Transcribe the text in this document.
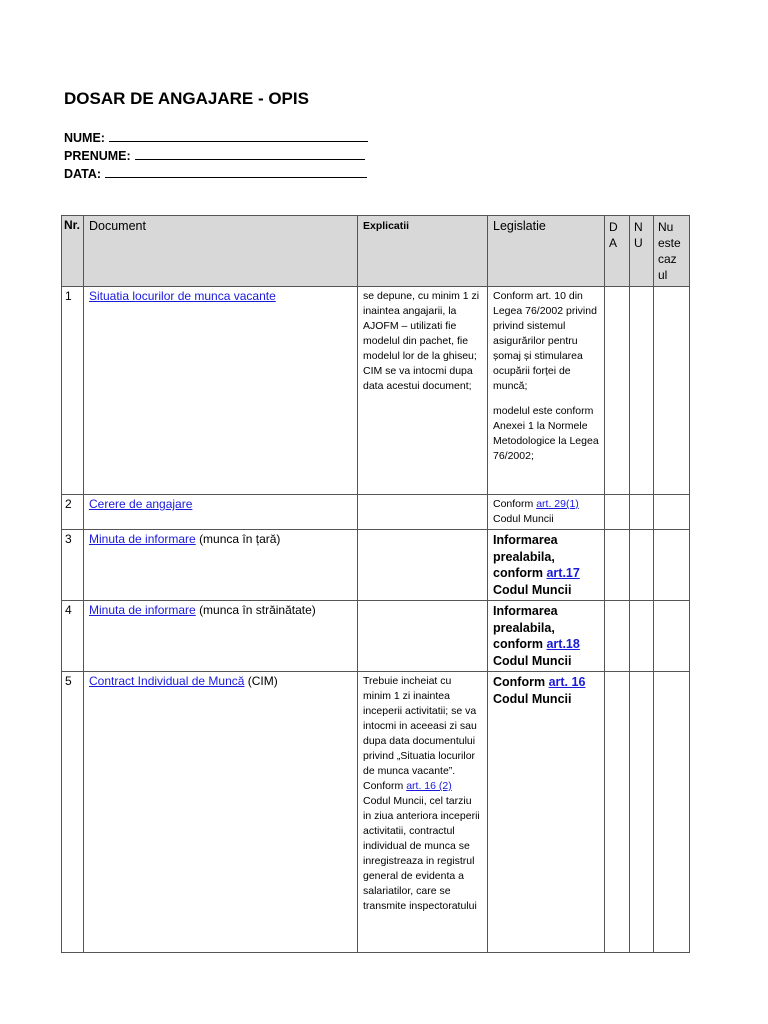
DOSAR DE ANGAJARE - OPIS
NUME:
PRENUME:
DATA:
Nr.	Document	Explicatii	Legislatie	D A	N U	Nu este caz ul
1	Situatia locurilor de munca vacante	se depune, cu minim 1 zi inaintea angajarii, la AJOFM – utilizati fie modelul din pachet, fie modelul lor de la ghiseu; CIM se va intocmi dupa data acestui document;	Conform art. 10 din Legea 76/2002 privind privind sistemul asigurărilor pentru șomaj și stimularea ocupării forței de muncă;
modelul este conform Anexei 1 la Normele Metodologice la Legea 76/2002;			

2	Cerere de angajare		Conform art. 29(1) Codul Muncii			
3	Minuta de informare (munca în țară)		Informarea prealabila, conform art.17 Codul Muncii			
4	Minuta de informare (munca în străinătate)		Informarea prealabila, conform art.18 Codul Muncii			
5	Contract Individual de Muncă (CIM)	Trebuie incheiat cu minim 1 zi inaintea inceperii activitatii; se va intocmi in aceeasi zi sau dupa data documentului privind „Situatia locurilor de munca vacante”. Conform art. 16 (2) Codul Muncii, cel tarziu in ziua anteriora inceperii activitatii, contractul individual de munca se inregistreaza in registrul general de evidenta a salariatilor, care se transmite inspectoratului	Conform art. 16 Codul Muncii			
